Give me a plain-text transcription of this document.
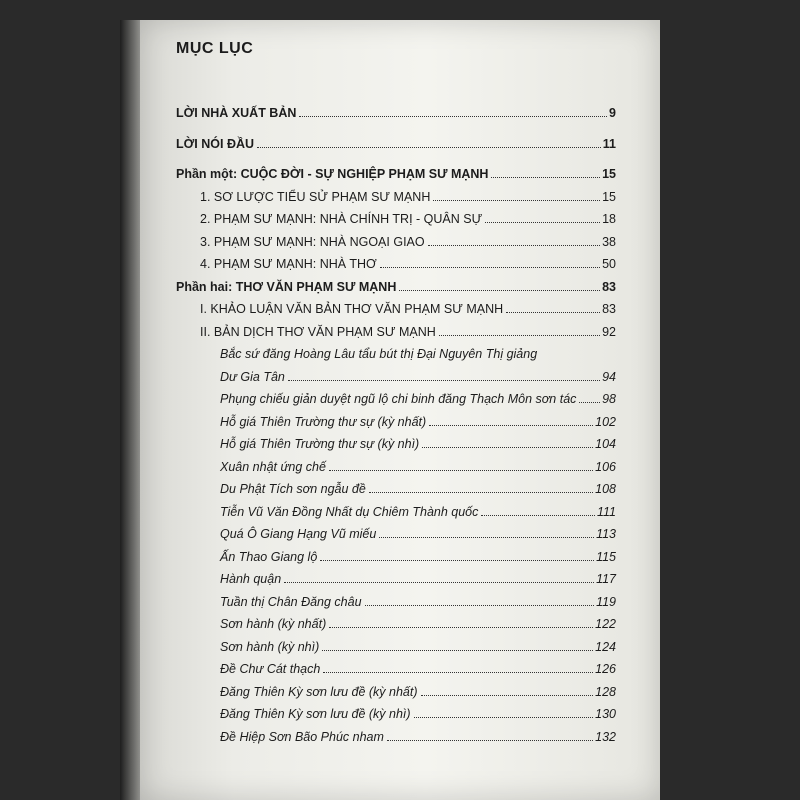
MỤC LỤC
LỜI NHÀ XUẤT BẢN	9
LỜI NÓI ĐẦU	11
Phần một: CUỘC ĐỜI - SỰ NGHIỆP PHẠM SƯ MẠNH	15
1. SƠ LƯỢC TIỂU SỬ PHẠM SƯ MẠNH	15
2. PHẠM SƯ MẠNH: NHÀ CHÍNH TRỊ - QUÂN SỰ	18
3. PHẠM SƯ MẠNH: NHÀ NGOẠI GIAO	38
4. PHẠM SƯ MẠNH: NHÀ THƠ	50
Phần hai: THƠ VĂN PHẠM SƯ MẠNH	83
I. KHẢO LUẬN VĂN BẢN THƠ VĂN PHẠM SƯ MẠNH	83
II. BẢN DỊCH THƠ VĂN PHẠM SƯ MẠNH	92
Bắc sứ đăng Hoàng Lâu tẩu bút thị Đại Nguyên Thị giảng
Dư Gia Tân	94
Phụng chiếu giản duyệt ngũ lộ chi binh đăng Thạch Môn sơn tác 98
Hỗ giá Thiên Trường thư sự (kỳ nhất)	102
Hỗ giá Thiên Trường thư sự (kỳ nhì)	104
Xuân nhật ứng chế	106
Du Phật Tích sơn ngẫu đề	108
Tiễn Vũ Văn Đồng Nhất dụ Chiêm Thành quốc	111
Quá Ô Giang Hạng Vũ miếu	113
Ấn Thao Giang lộ	115
Hành quận	117
Tuần thị Chân Đăng châu	119
Sơn hành (kỳ nhất)	122
Sơn hành (kỳ nhì)	124
Đề Chư Cát thạch	126
Đăng Thiên Kỳ sơn lưu đề (kỳ nhất)	128
Đăng Thiên Kỳ sơn lưu đề (kỳ nhì)	130
Đề Hiệp Sơn Bão Phúc nham	132
